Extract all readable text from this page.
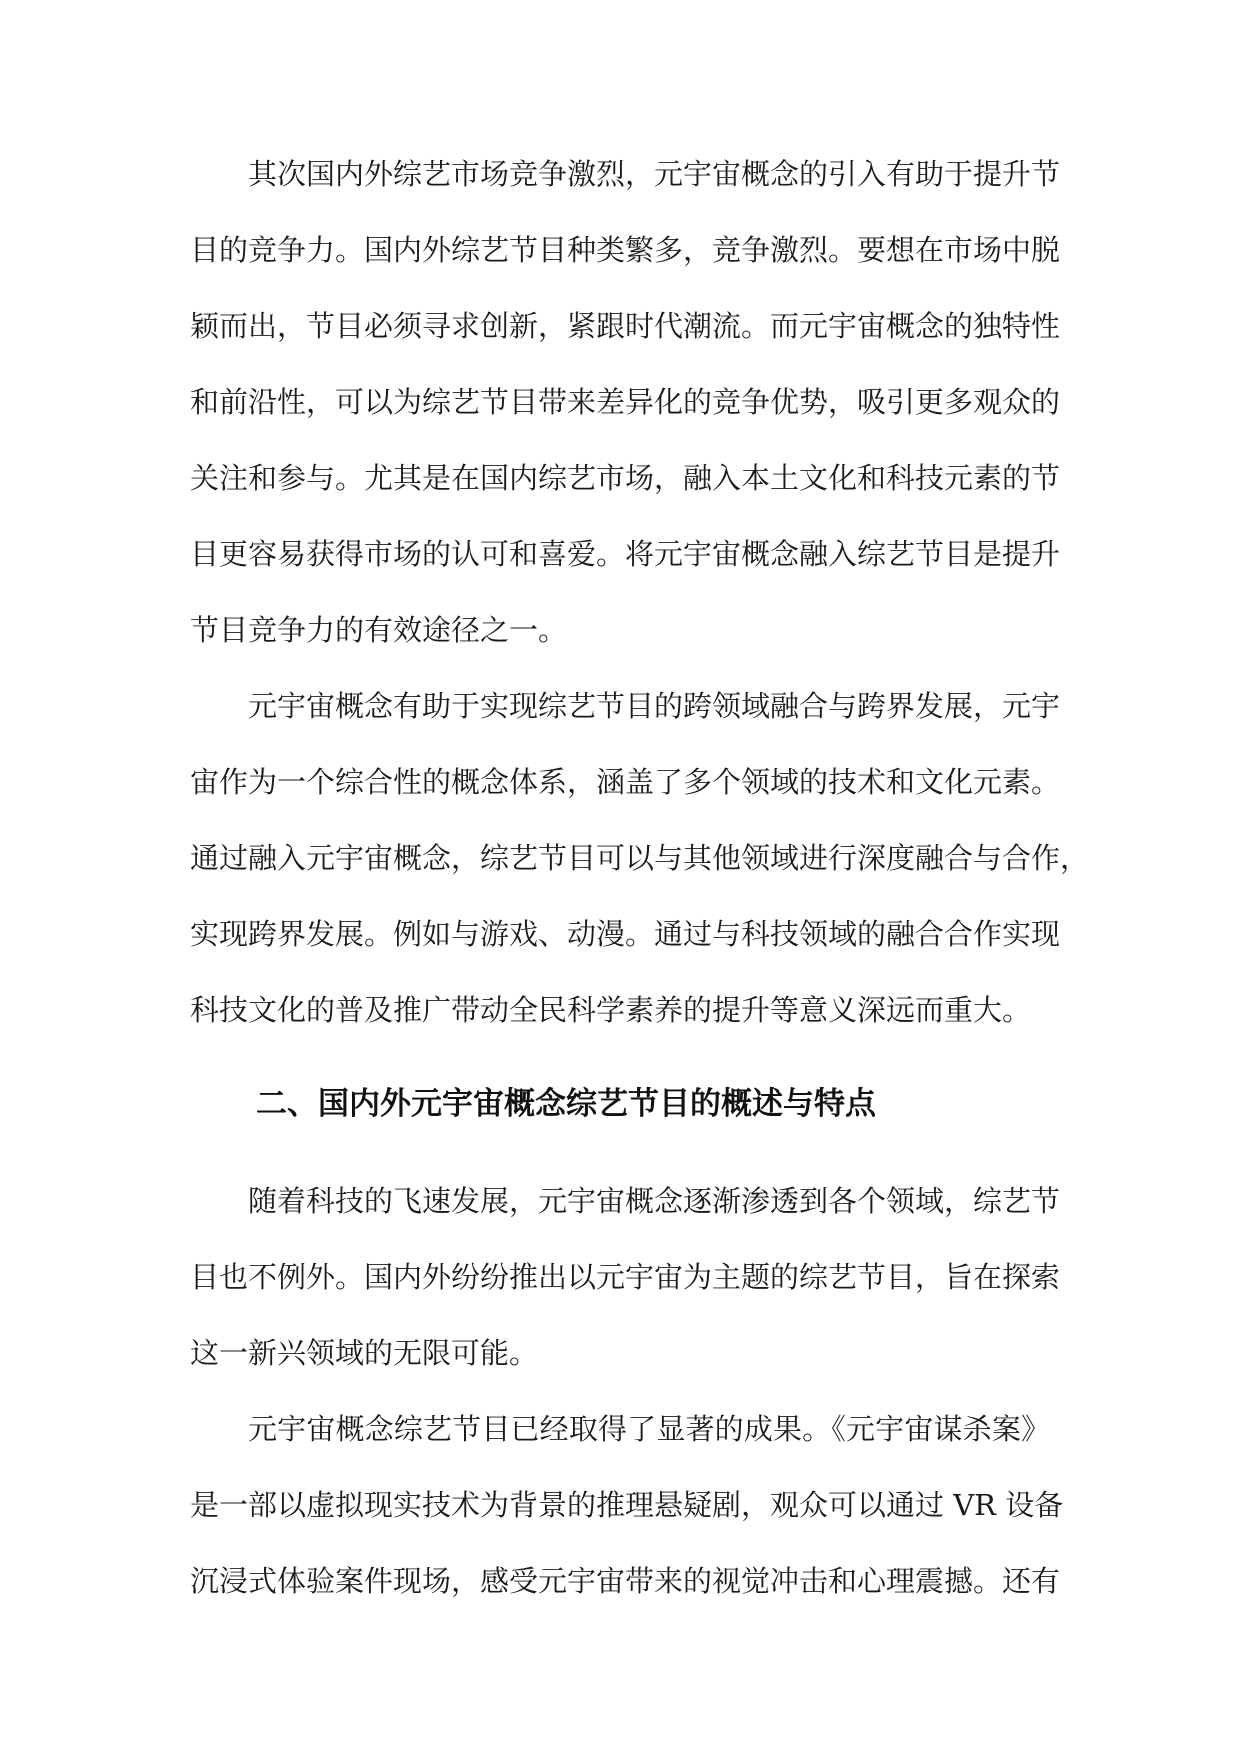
其次国内外综艺市场竞争激烈，元宇宙概念的引入有助于提升节
目的竞争力。国内外综艺节目种类繁多，竞争激烈。要想在市场中脱
颖而出，节目必须寻求创新，紧跟时代潮流。而元宇宙概念的独特性
和前沿性，可以为综艺节目带来差异化的竞争优势，吸引更多观众的
关注和参与。尤其是在国内综艺市场，融入本土文化和科技元素的节
目更容易获得市场的认可和喜爱。将元宇宙概念融入综艺节目是提升
节目竞争力的有效途径之一。
元宇宙概念有助于实现综艺节目的跨领域融合与跨界发展，元宇
宙作为一个综合性的概念体系，涵盖了多个领域的技术和文化元素。
通过融入元宇宙概念，综艺节目可以与其他领域进行深度融合与合作，
实现跨界发展。例如与游戏、动漫。通过与科技领域的融合合作实现
科技文化的普及推广带动全民科学素养的提升等意义深远而重大。
二、国内外元宇宙概念综艺节目的概述与特点
随着科技的飞速发展，元宇宙概念逐渐渗透到各个领域，综艺节
目也不例外。国内外纷纷推出以元宇宙为主题的综艺节目，旨在探索
这一新兴领域的无限可能。
元宇宙概念综艺节目已经取得了显著的成果。《元宇宙谋杀案》
是一部以虚拟现实技术为背景的推理悬疑剧，观众可以通过 VR 设备
沉浸式体验案件现场，感受元宇宙带来的视觉冲击和心理震撼。还有
